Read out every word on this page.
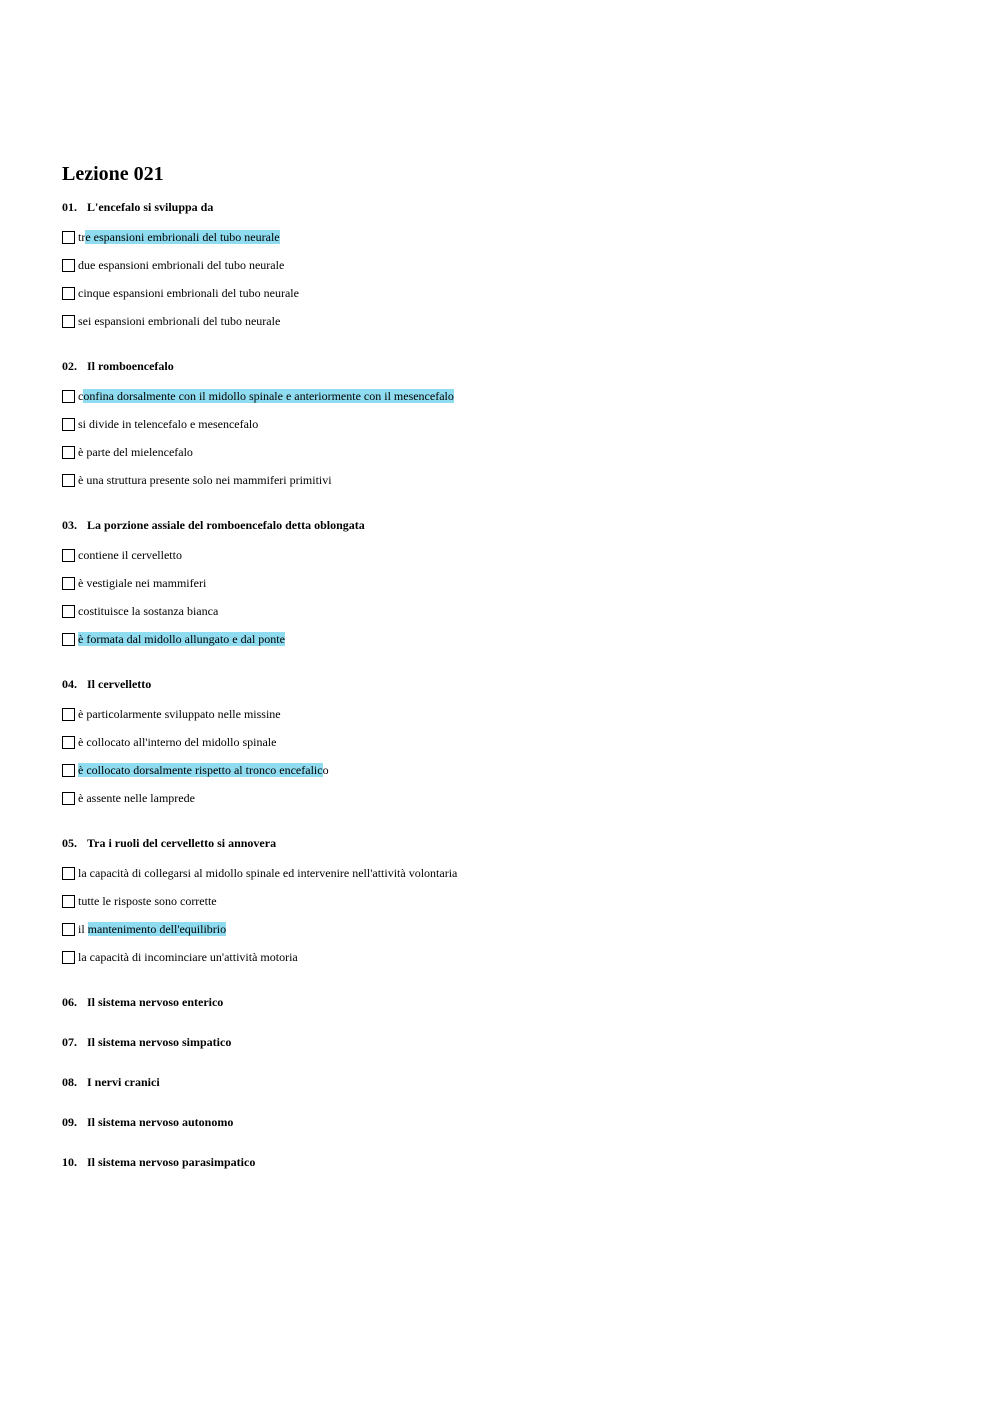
Lezione 021
01. L'encefalo si sviluppa da
tre espansioni embrionali del tubo neurale
due espansioni embrionali del tubo neurale
cinque espansioni embrionali del tubo neurale
sei espansioni embrionali del tubo neurale
02. Il romboencefalo
confina dorsalmente con il midollo spinale e anteriormente con il mesencefalo
si divide in telencefalo e mesencefalo
è parte del mielencefalo
è una struttura presente solo nei mammiferi primitivi
03. La porzione assiale del romboencefalo detta oblongata
contiene il cervelletto
è vestigiale nei mammiferi
costituisce la sostanza bianca
è formata dal midollo allungato e dal ponte
04. Il cervelletto
è particolarmente sviluppato nelle missine
è collocato all'interno del midollo spinale
è collocato dorsalmente rispetto al tronco encefalico
è assente nelle lamprede
05. Tra i ruoli del cervelletto si annovera
la capacità di collegarsi al midollo spinale ed intervenire nell'attività volontaria
tutte le risposte sono corrette
il mantenimento dell'equilibrio
la capacità di incominciare un'attività motoria
06. Il sistema nervoso enterico
07. Il sistema nervoso simpatico
08. I nervi cranici
09. Il sistema nervoso autonomo
10. Il sistema nervoso parasimpatico
